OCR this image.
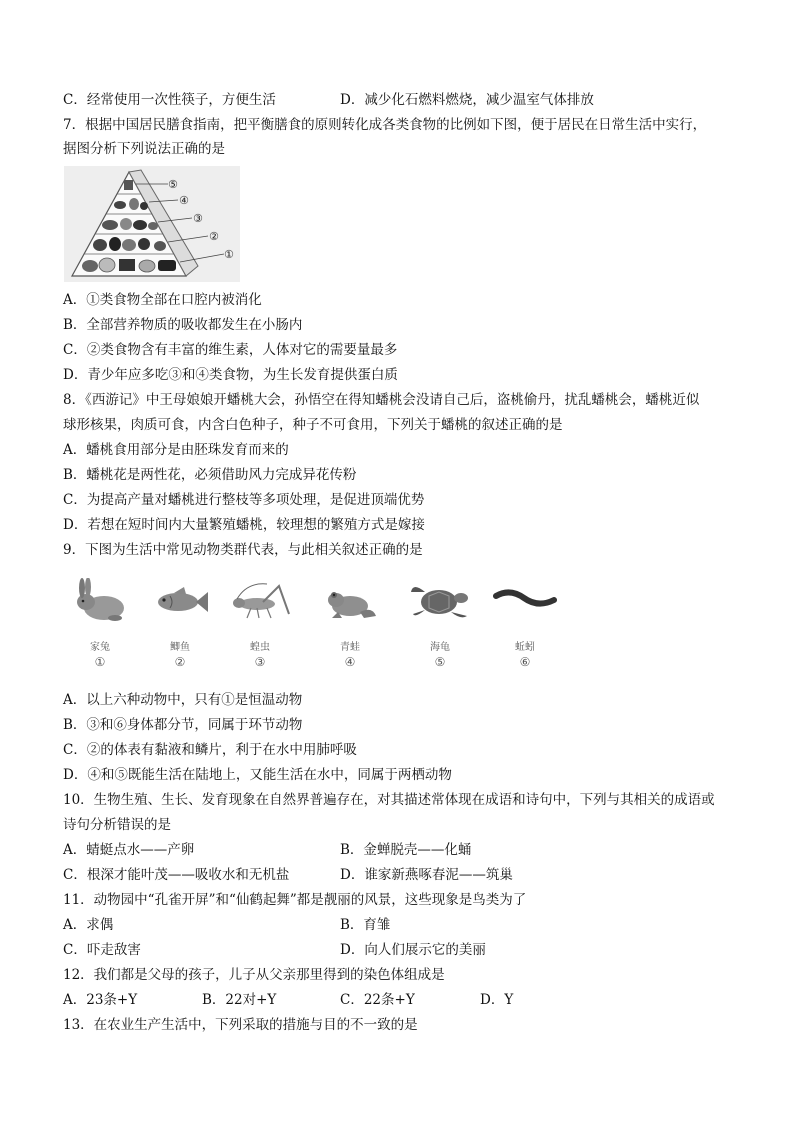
C．经常使用一次性筷子，方便生活	D．减少化石燃料燃烧，减少温室气体排放
7．根据中国居民膳食指南，把平衡膳食的原则转化成各类食物的比例如下图，便于居民在日常生活中实行，
据图分析下列说法正确的是
⑤
④
③
②
①
A．①类食物全部在口腔内被消化
B．全部营养物质的吸收都发生在小肠内
C．②类食物含有丰富的维生素，人体对它的需要量最多
D．青少年应多吃③和④类食物，为生长发育提供蛋白质
8．《西游记》中王母娘娘开蟠桃大会，孙悟空在得知蟠桃会没请自己后，盗桃偷丹，扰乱蟠桃会，蟠桃近似
球形核果，肉质可食，内含白色种子，种子不可食用，下列关于蟠桃的叙述正确的是
A．蟠桃食用部分是由胚珠发育而来的
B．蟠桃花是两性花，必须借助风力完成异花传粉
C．为提高产量对蟠桃进行整枝等多项处理，是促进顶端优势
D．若想在短时间内大量繁殖蟠桃，较理想的繁殖方式是嫁接
9．下图为生活中常见动物类群代表，与此相关叙述正确的是
家兔
①
鲫鱼
②
蝗虫
③
青蛙
④
海龟
⑤
蚯蚓
⑥
A．以上六种动物中，只有①是恒温动物
B．③和⑥身体都分节，同属于环节动物
C．②的体表有黏液和鳞片，利于在水中用肺呼吸
D．④和⑤既能生活在陆地上，又能生活在水中，同属于两栖动物
10．生物生殖、生长、发育现象在自然界普遍存在，对其描述常体现在成语和诗句中，下列与其相关的成语或
诗句分析错误的是
A．蜻蜓点水——产卵	B．金蝉脱壳——化蛹
C．根深才能叶茂——吸收水和无机盐	D．谁家新燕啄春泥——筑巢
11．动物园中“孔雀开屏”和“仙鹤起舞”都是靓丽的风景，这些现象是鸟类为了
A．求偶	B．育雏
C．吓走敌害	D．向人们展示它的美丽
12．我们都是父母的孩子，儿子从父亲那里得到的染色体组成是
A．23条+Y	B．22对+Y	C．22条+Y	D．Y
13．在农业生产生活中，下列采取的措施与目的不一致的是
